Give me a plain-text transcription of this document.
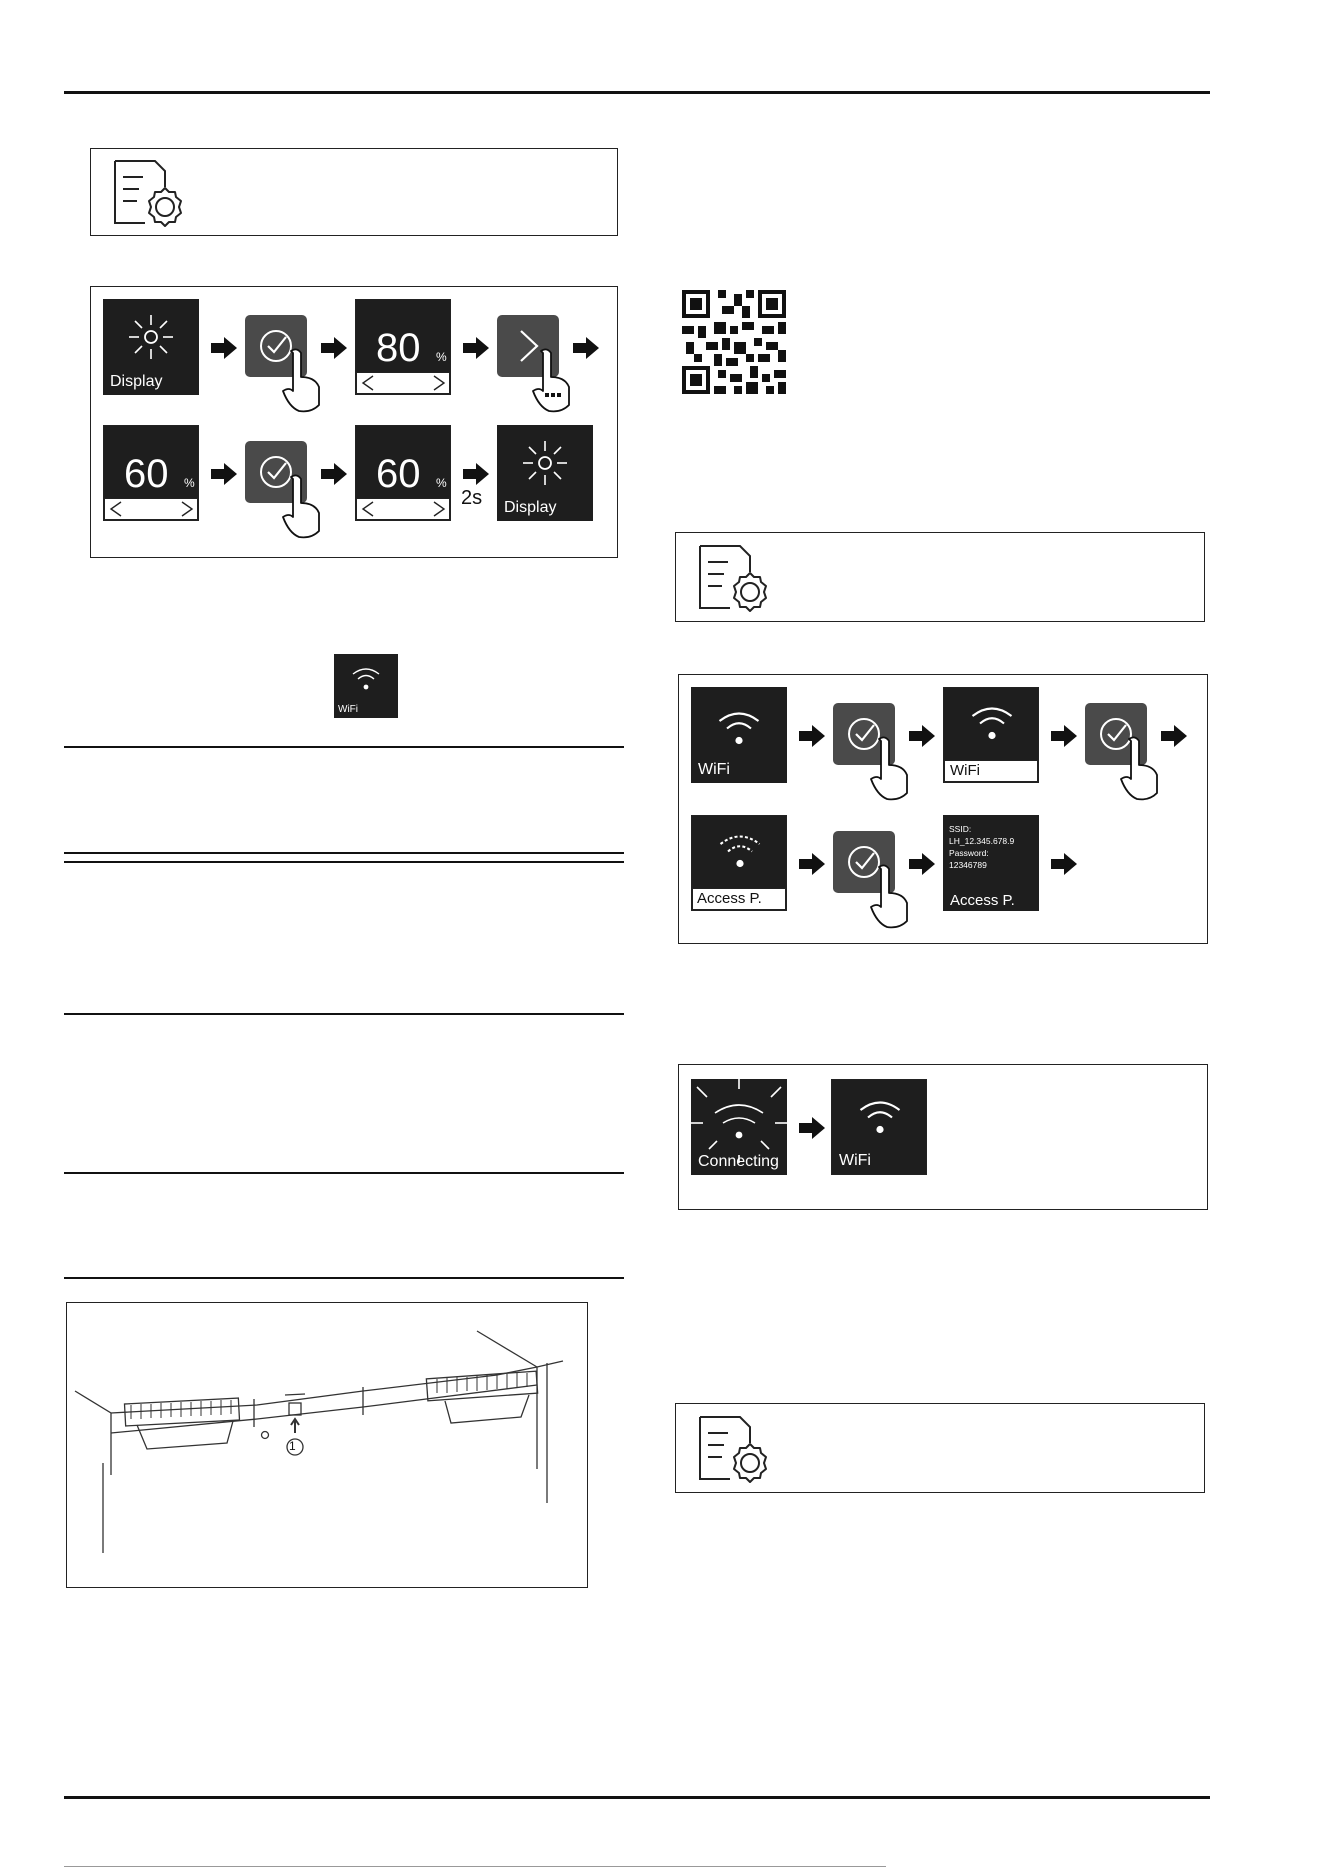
Display
80 %
60 %	60 %
2s Display
WiFi
1
WiFi	WiFi
Access P.
SSID:
LH_12.345.678.9
Password:
12346789
Access P.
Connecting	WiFi
